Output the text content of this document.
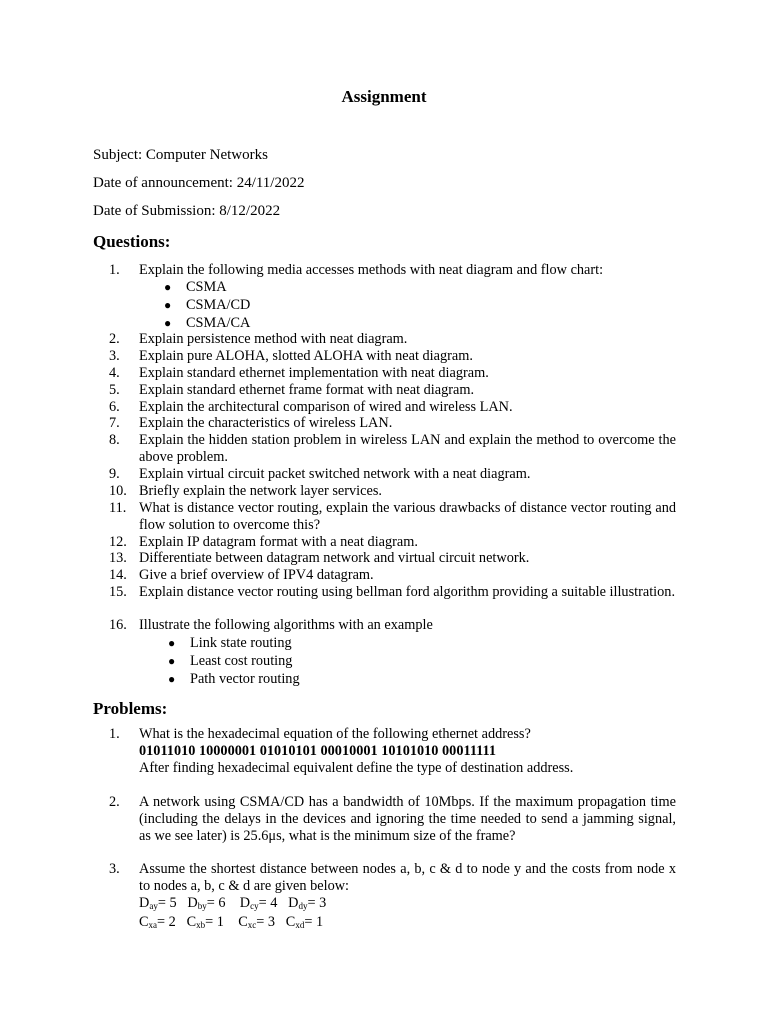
Assignment
Subject: Computer Networks
Date of announcement: 24/11/2022
Date of Submission: 8/12/2022
Questions:
1.	Explain the following media accesses methods with neat diagram and flow chart:
● CSMA
● CSMA/CD
● CSMA/CA
2.	Explain persistence method with neat diagram.
3.	Explain pure ALOHA, slotted ALOHA with neat diagram.
4.	Explain standard ethernet implementation with neat diagram.
5.	Explain standard ethernet frame format with neat diagram.
6.	Explain the architectural comparison of wired and wireless LAN.
7.	Explain the characteristics of wireless LAN.
8.	Explain the hidden station problem in wireless LAN and explain the method to overcome the above problem.
9.	Explain virtual circuit packet switched network with a neat diagram.
10. Briefly explain the network layer services.
11. What is distance vector routing, explain the various drawbacks of distance vector routing and flow solution to overcome this?
12. Explain IP datagram format with a neat diagram.
13. Differentiate between datagram network and virtual circuit network.
14. Give a brief overview of IPV4 datagram.
15. Explain distance vector routing using bellman ford algorithm providing a suitable illustration.
16. Illustrate the following algorithms with an example
● Link state routing
● Least cost routing
● Path vector routing
Problems:
1.	What is the hexadecimal equation of the following ethernet address?
01011010 10000001 01010101 00010001 10101010 00011111
After finding hexadecimal equivalent define the type of destination address.
2.	A network using CSMA/CD has a bandwidth of 10Mbps. If the maximum propagation time (including the delays in the devices and ignoring the time needed to send a jamming signal, as we see later) is 25.6μs, what is the minimum size of the frame?
3.	Assume the shortest distance between nodes a, b, c & d to node y and the costs from node x to nodes a, b, c & d are given below:
$D_{ay}= 5$ $D_{by}= 6$ $D_{cy}= 4$ $D_{dy}= 3$
$C_{xa}= 2$ $C_{xb}= 1$ $C_{xc}= 3$ $C_{xd}= 1$
